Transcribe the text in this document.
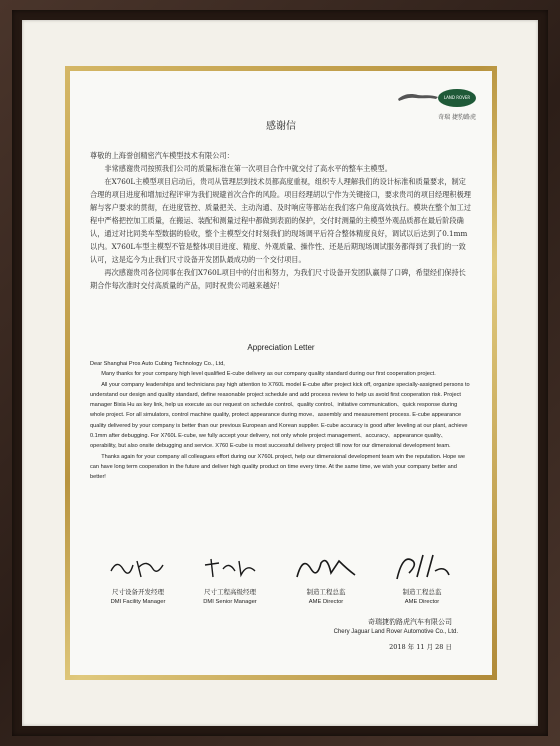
LAND ROVER
奇瑞 捷豹路虎
感谢信

尊敬的上海誉创精密汽车模型技术有限公司：

非常感谢贵司按照我们公司的质量标准在第一次项目合作中就交付了高水平的整车主模型。

在X760L主模型项目启动后，贵司从管理层到技术员都高度重视，组织专人理解我们的设计标准和质量要求，制定合理的项目进度和增加过程评审为我们规避首次合作的风险。项目经理胡以宁作为关键接口，要求贵司的项目经理积极理解与客户要求的贯彻，在进度管控、质量把关、主动沟通、及时响应等都站在我们客户角度高效执行。模块在整个加工过程中严格把控加工质量，在搬运、装配和测量过程中都做到表面的保护，交付时测量的主模型外观品质都在最后阶段确认，通过对比同类车型数据的验收，整个主模型交付时刻我们的现场调平后符合整体精度良好，调试以后达到了0.1mm以内。X760L车型主模型不管是整体项目进度、精度、外观质量、操作性、还是后期现场调试服务都得到了我们的一致认可，这是迄今为止我们尺寸设备开发团队最成功的一个交付项目。

再次感谢贵司各位同事在我们X760L项目中的付出和努力，为我们尺寸设备开发团队赢得了口碑，希望经们保持长期合作每次准时交付高质量的产品，同时祝贵公司越来越好！

Appreciation Letter

Dear Shanghai Pros Auto Cubing Technology Co., Ltd,

Many thanks for your company high level qualified E-cube delivery as our company quality standard during our first cooperation project.

All your company leaderships and technicians pay high attention to X760L model E-cube after project kick off, organize specially-assigned persons to understand our design and quality standard, define reasonable project schedule and add process review to help us avoid first cooperation risk. Project manager Bixia Hu as key link, help us execute as our request on schedule control、quality control、initiative communication、quick response during whole project. For all simulators, control machine quality, protect appearance during move、assembly and measurement process. E-cube appearance quality delivered by your company is better than our previous European and Korean supplier. E-cube accuracy is good after leveling at our plant, achieve 0.1mm after debugging. For X760L E-cube, we fully accept your delivery, not only whole project management、accuracy、appearance quality、operability, but also onsite debugging and service. X760 E-cube is most successful delivery project till now for our dimensional development team.

Thanks again for your company all colleagues effort during our X760L project, help our dimensional development team win the reputation. Hope we can have long term cooperation in the future and deliver high quality product on time every time. At the same time, we wish your company better and better!

尺寸设备开发经理
DMI Facility Manager
尺寸工程高级经理
DMI Senior Manager
制造工程总监
AME Director
制造工程总监
AME Director
奇瑞捷豹路虎汽车有限公司
Chery Jaguar Land Rover Automotive Co., Ltd.
2018 年 11 月 28 日
